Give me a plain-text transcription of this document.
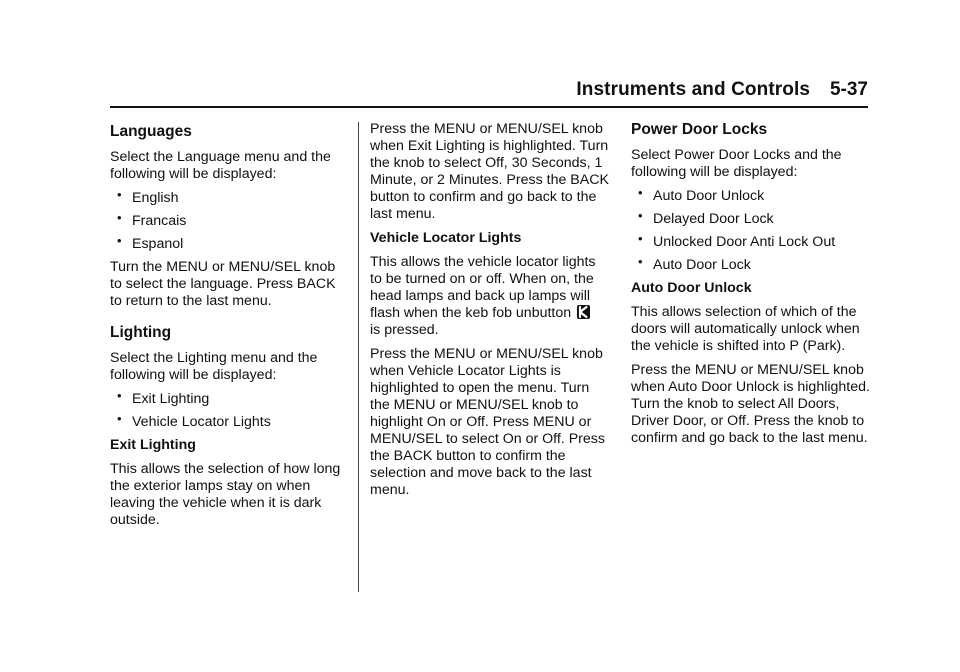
Instruments and Controls 5-37
Languages

Select the Language menu and the following will be displayed:

• English
• Francais
• Espanol

Turn the MENU or MENU/SEL knob to select the language. Press BACK to return to the last menu.

Lighting

Select the Lighting menu and the following will be displayed:

• Exit Lighting
• Vehicle Locator Lights
Exit Lighting

This allows the selection of how long the exterior lamps stay on when leaving the vehicle when it is dark outside.

Press the MENU or MENU/SEL knob when Exit Lighting is highlighted. Turn the knob to select Off, 30 Seconds, 1 Minute, or 2 Minutes. Press the BACK button to confirm and go back to the last menu.

Vehicle Locator Lights

This allows the vehicle locator lights to be turned on or off. When on, the head lamps and back up lamps will flash when the keb fob unbutton
is pressed.

Press the MENU or MENU/SEL knob when Vehicle Locator Lights is highlighted to open the menu. Turn the MENU or MENU/SEL knob to highlight On or Off. Press MENU or MENU/SEL to select On or Off. Press the BACK button to confirm the selection and move back to the last menu.

Power Door Locks

Select Power Door Locks and the following will be displayed:

• Auto Door Unlock
• Delayed Door Lock
• Unlocked Door Anti Lock Out
• Auto Door Lock
Auto Door Unlock

This allows selection of which of the doors will automatically unlock when the vehicle is shifted into P (Park).

Press the MENU or MENU/SEL knob when Auto Door Unlock is highlighted. Turn the knob to select All Doors, Driver Door, or Off. Press the knob to confirm and go back to the last menu.
